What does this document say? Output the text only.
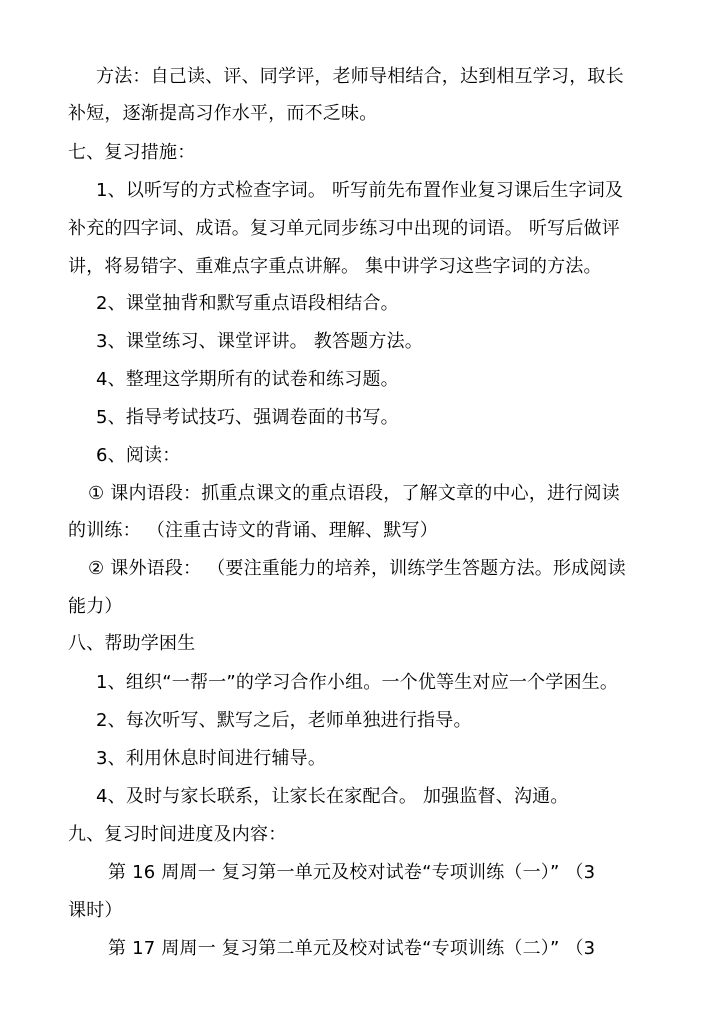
方法：自己读、评、同学评，老师导相结合，达到相互学习，取长
补短，逐渐提高习作水平，而不乏味。
七、复习措施：
1、以听写的方式检查字词。 听写前先布置作业复习课后生字词及
补充的四字词、成语。复习单元同步练习中出现的词语。 听写后做评
讲，将易错字、重难点字重点讲解。 集中讲学习这些字词的方法。
2、课堂抽背和默写重点语段相结合。
3、课堂练习、课堂评讲。 教答题方法。
4、整理这学期所有的试卷和练习题。
5、指导考试技巧、强调卷面的书写。
6、阅读：
① 课内语段：抓重点课文的重点语段，了解文章的中心，进行阅读
的训练： （注重古诗文的背诵、理解、默写）
② 课外语段： （要注重能力的培养，训练学生答题方法。形成阅读
能力）
八、帮助学困生
1、组织“一帮一”的学习合作小组。一个优等生对应一个学困生。
2、每次听写、默写之后，老师单独进行指导。
3、利用休息时间进行辅导。
4、及时与家长联系，让家长在家配合。 加强监督、沟通。
九、复习时间进度及内容：
第 16 周周一 复习第一单元及校对试卷“专项训练（一）” （3
课时）
第 17 周周一 复习第二单元及校对试卷“专项训练（二）” （3
